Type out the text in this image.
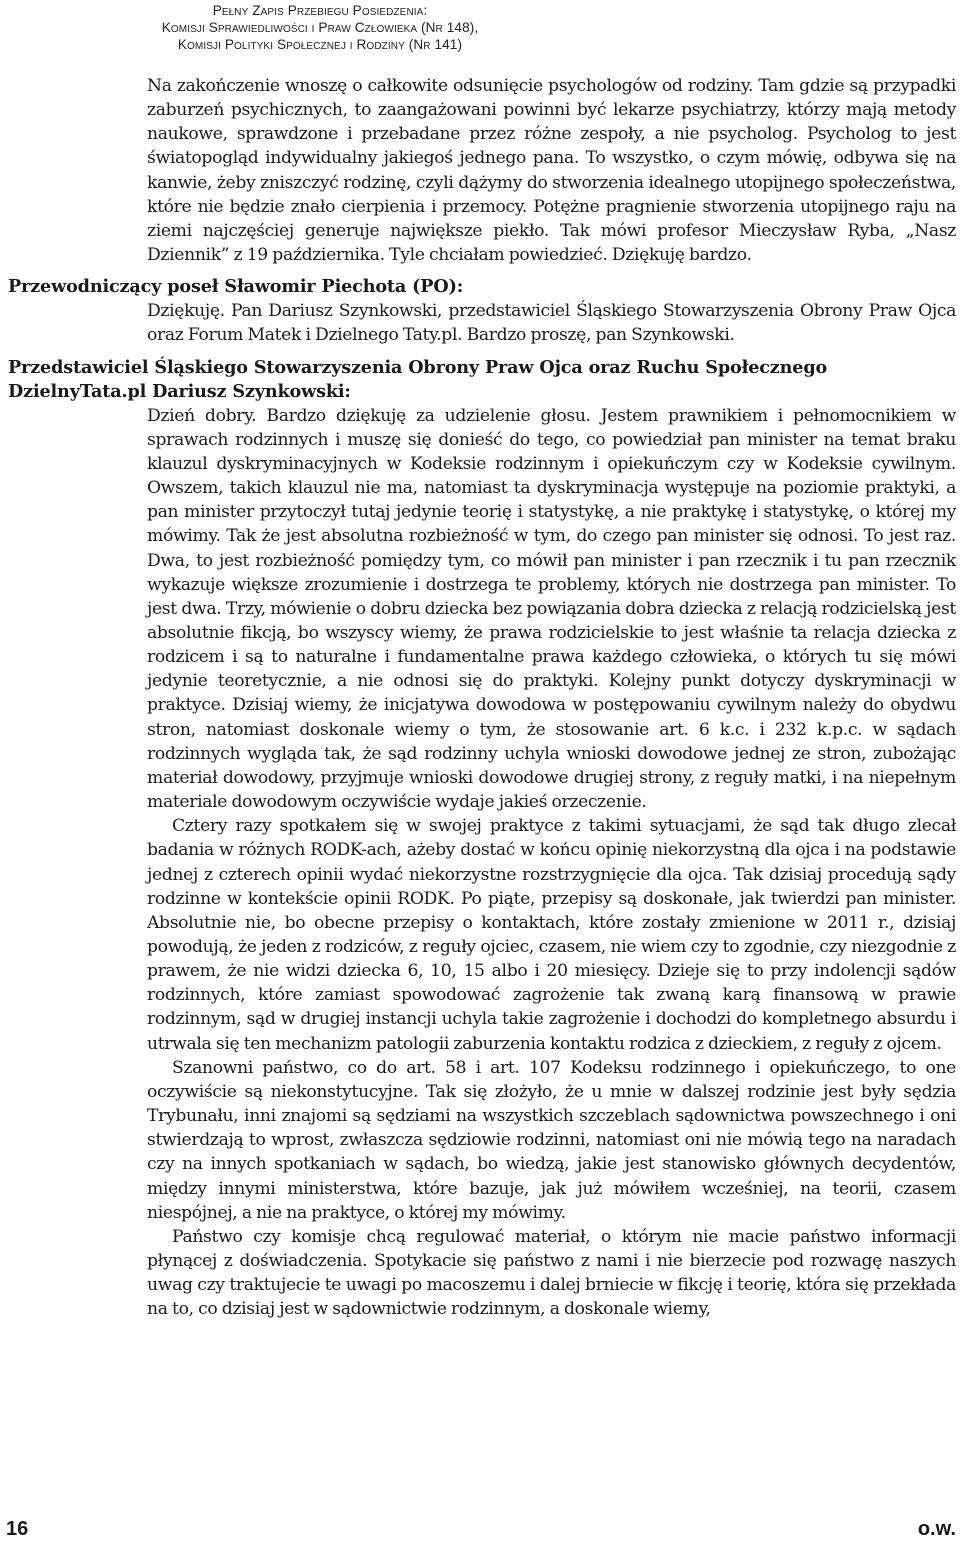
Pełny Zapis Przebiegu Posiedzenia:
Komisji Sprawiedliwości i Praw Człowieka (Nr 148),
Komisji Polityki Społecznej i Rodziny (Nr 141)

Na zakończenie wnoszę o całkowite odsunięcie psychologów od rodziny. Tam gdzie są przypadki zaburzeń psychicznych, to zaangażowani powinni być lekarze psychiatrzy, którzy mają metody naukowe, sprawdzone i przebadane przez różne zespoły, a nie psycholog. Psycholog to jest światopogląd indywidualny jakiegoś jednego pana. To wszystko, o czym mówię, odbywa się na kanwie, żeby zniszczyć rodzinę, czyli dążymy do stworzenia idealnego utopijnego społeczeństwa, które nie będzie znało cierpienia i przemocy. Potężne pragnienie stworzenia utopijnego raju na ziemi najczęściej generuje największe piekło. Tak mówi profesor Mieczysław Ryba, „Nasz Dziennik” z 19 października. Tyle chciałam powiedzieć. Dziękuję bardzo.

Przewodniczący poseł Sławomir Piechota (PO):

Dziękuję. Pan Dariusz Szynkowski, przedstawiciel Śląskiego Stowarzyszenia Obrony Praw Ojca oraz Forum Matek i Dzielnego Taty.pl. Bardzo proszę, pan Szynkowski.

Przedstawiciel Śląskiego Stowarzyszenia Obrony Praw Ojca oraz Ruchu Społecznego DzielnyTata.pl Dariusz Szynkowski:

Dzień dobry. Bardzo dziękuję za udzielenie głosu. Jestem prawnikiem i pełnomocnikiem w sprawach rodzinnych i muszę się donieść do tego, co powiedział pan minister na temat braku klauzul dyskryminacyjnych w Kodeksie rodzinnym i opiekuńczym czy w Kodeksie cywilnym. Owszem, takich klauzul nie ma, natomiast ta dyskryminacja występuje na poziomie praktyki, a pan minister przytoczył tutaj jedynie teorię i statystykę, a nie praktykę i statystykę, o której my mówimy. Tak że jest absolutna rozbieżność w tym, do czego pan minister się odnosi. To jest raz. Dwa, to jest rozbieżność pomiędzy tym, co mówił pan minister i pan rzecznik i tu pan rzecznik wykazuje większe zrozumienie i dostrzega te problemy, których nie dostrzega pan minister. To jest dwa. Trzy, mówienie o dobru dziecka bez powiązania dobra dziecka z relacją rodzicielską jest absolutnie fikcją, bo wszyscy wiemy, że prawa rodzicielskie to jest właśnie ta relacja dziecka z rodzicem i są to naturalne i fundamentalne prawa każdego człowieka, o których tu się mówi jedynie teoretycznie, a nie odnosi się do praktyki. Kolejny punkt dotyczy dyskryminacji w praktyce. Dzisiaj wiemy, że inicjatywa dowodowa w postępowaniu cywilnym należy do obydwu stron, natomiast doskonale wiemy o tym, że stosowanie art. 6 k.c. i 232 k.p.c. w sądach rodzinnych wygląda tak, że sąd rodzinny uchyla wnioski dowodowe jednej ze stron, zubożając materiał dowodowy, przyjmuje wnioski dowodowe drugiej strony, z reguły matki, i na niepełnym materiale dowodowym oczywiście wydaje jakieś orzeczenie.

Cztery razy spotkałem się w swojej praktyce z takimi sytuacjami, że sąd tak długo zlecał badania w różnych RODK-ach, ażeby dostać w końcu opinię niekorzystną dla ojca i na podstawie jednej z czterech opinii wydać niekorzystne rozstrzygnięcie dla ojca. Tak dzisiaj procedują sądy rodzinne w kontekście opinii RODK. Po piąte, przepisy są doskonałe, jak twierdzi pan minister. Absolutnie nie, bo obecne przepisy o kontaktach, które zostały zmienione w 2011 r., dzisiaj powodują, że jeden z rodziców, z reguły ojciec, czasem, nie wiem czy to zgodnie, czy niezgodnie z prawem, że nie widzi dziecka 6, 10, 15 albo i 20 miesięcy. Dzieje się to przy indolencji sądów rodzinnych, które zamiast spowodować zagrożenie tak zwaną karą finansową w prawie rodzinnym, sąd w drugiej instancji uchyla takie zagrożenie i dochodzi do kompletnego absurdu i utrwala się ten mechanizm patologii zaburzenia kontaktu rodzica z dzieckiem, z reguły z ojcem.

Szanowni państwo, co do art. 58 i art. 107 Kodeksu rodzinnego i opiekuńczego, to one oczywiście są niekonstytucyjne. Tak się złożyło, że u mnie w dalszej rodzinie jest były sędzia Trybunału, inni znajomi są sędziami na wszystkich szczeblach sądownictwa powszechnego i oni stwierdzają to wprost, zwłaszcza sędziowie rodzinni, natomiast oni nie mówią tego na naradach czy na innych spotkaniach w sądach, bo wiedzą, jakie jest stanowisko głównych decydentów, między innymi ministerstwa, które bazuje, jak już mówiłem wcześniej, na teorii, czasem niespójnej, a nie na praktyce, o której my mówimy.

Państwo czy komisje chcą regulować materiał, o którym nie macie państwo informacji płynącej z doświadczenia. Spotykacie się państwo z nami i nie bierzecie pod rozwagę naszych uwag czy traktujecie te uwagi po macoszemu i dalej brniecie w fikcję i teorię, która się przekłada na to, co dzisiaj jest w sądownictwie rodzinnym, a doskonale wiemy,

16	o.w.
